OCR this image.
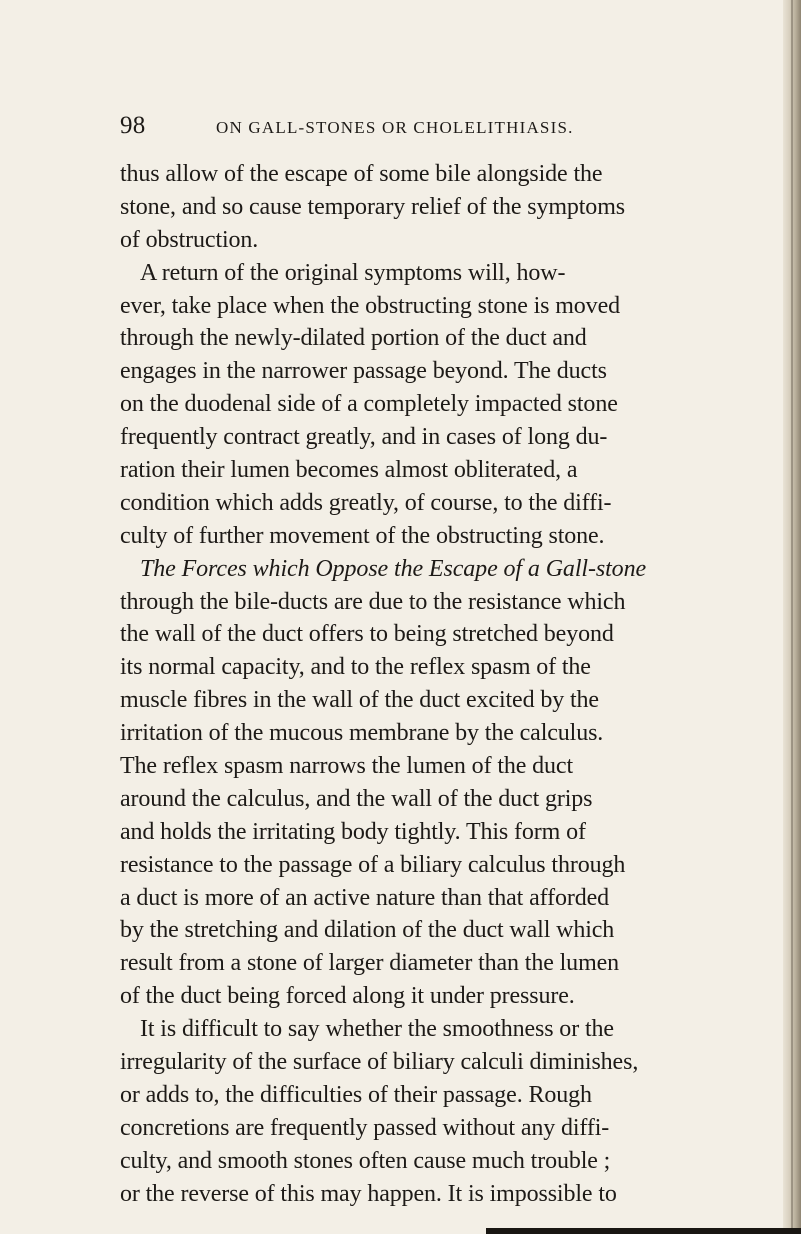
98	ON GALL-STONES OR CHOLELITHIASIS.
thus allow of the escape of some bile alongside the
stone, and so cause temporary relief of the symptoms
of obstruction.
A return of the original symptoms will, how-
ever, take place when the obstructing stone is moved
through the newly-dilated portion of the duct and
engages in the narrower passage beyond. The ducts
on the duodenal side of a completely impacted stone
frequently contract greatly, and in cases of long du-
ration their lumen becomes almost obliterated, a
condition which adds greatly, of course, to the diffi-
culty of further movement of the obstructing stone.
The Forces which Oppose the Escape of a Gall-stone
through the bile-ducts are due to the resistance which
the wall of the duct offers to being stretched beyond
its normal capacity, and to the reflex spasm of the
muscle fibres in the wall of the duct excited by the
irritation of the mucous membrane by the calculus.
The reflex spasm narrows the lumen of the duct
around the calculus, and the wall of the duct grips
and holds the irritating body tightly. This form of
resistance to the passage of a biliary calculus through
a duct is more of an active nature than that afforded
by the stretching and dilation of the duct wall which
result from a stone of larger diameter than the lumen
of the duct being forced along it under pressure.
It is difficult to say whether the smoothness or the
irregularity of the surface of biliary calculi diminishes,
or adds to, the difficulties of their passage. Rough
concretions are frequently passed without any diffi-
culty, and smooth stones often cause much trouble ;
or the reverse of this may happen. It is impossible to
